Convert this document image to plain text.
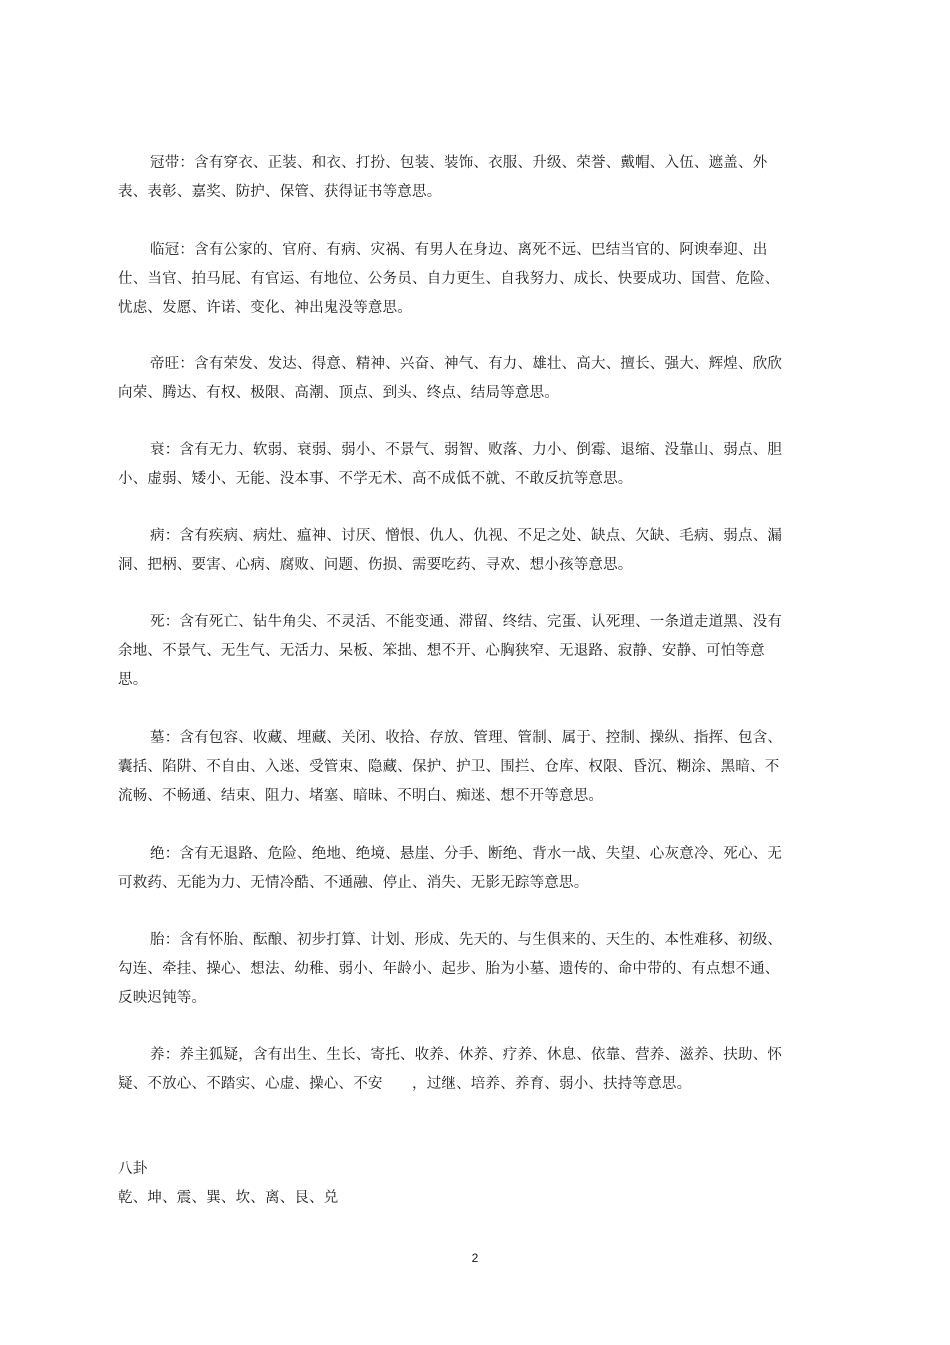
冠带：含有穿衣、正装、和衣、打扮、包装、装饰、衣服、升级、荣誉、戴帽、入伍、遮盖、外表、表彰、嘉奖、防护、保管、获得证书等意思。

临冠：含有公家的、官府、有病、灾祸、有男人在身边、离死不远、巴结当官的、阿谀奉迎、出仕、当官、拍马屁、有官运、有地位、公务员、自力更生、自我努力、成长、快要成功、国营、危险、忧虑、发愿、许诺、变化、神出鬼没等意思。

帝旺：含有荣发、发达、得意、精神、兴奋、神气、有力、雄壮、高大、擅长、强大、辉煌、欣欣向荣、腾达、有权、极限、高潮、顶点、到头、终点、结局等意思。

衰：含有无力、软弱、衰弱、弱小、不景气、弱智、败落、力小、倒霉、退缩、没靠山、弱点、胆小、虚弱、矮小、无能、没本事、不学无术、高不成低不就、不敢反抗等意思。

病：含有疾病、病灶、瘟神、讨厌、憎恨、仇人、仇视、不足之处、缺点、欠缺、毛病、弱点、漏洞、把柄、要害、心病、腐败、问题、伤损、需要吃药、寻欢、想小孩等意思。

死：含有死亡、钻牛角尖、不灵活、不能变通、滞留、终结、完蛋、认死理、一条道走道黑、没有余地、不景气、无生气、无活力、呆板、笨拙、想不开、心胸狭窄、无退路、寂静、安静、可怕等意思。

墓：含有包容、收藏、埋藏、关闭、收拾、存放、管理、管制、属于、控制、操纵、指挥、包含、囊括、陷阱、不自由、入迷、受管束、隐藏、保护、护卫、围拦、仓库、权限、昏沉、糊涂、黑暗、不流畅、不畅通、结束、阻力、堵塞、暗昧、不明白、痴迷、想不开等意思。

绝：含有无退路、危险、绝地、绝境、悬崖、分手、断绝、背水一战、失望、心灰意冷、死心、无可救药、无能为力、无情冷酷、不通融、停止、消失、无影无踪等意思。

胎：含有怀胎、酝酿、初步打算、计划、形成、先天的、与生俱来的、天生的、本性难移、初级、勾连、牵挂、操心、想法、幼稚、弱小、年龄小、起步、胎为小墓、遗传的、命中带的、有点想不通、反映迟钝等。

养：养主狐疑，含有出生、生长、寄托、收养、休养、疗养、休息、依靠、营养、滋养、扶助、怀疑、不放心、不踏实、心虚、操心、不安　　，过继、培养、养育、弱小、扶持等意思。

八卦
乾、坤、震、巽、坎、离、艮、兑
2
